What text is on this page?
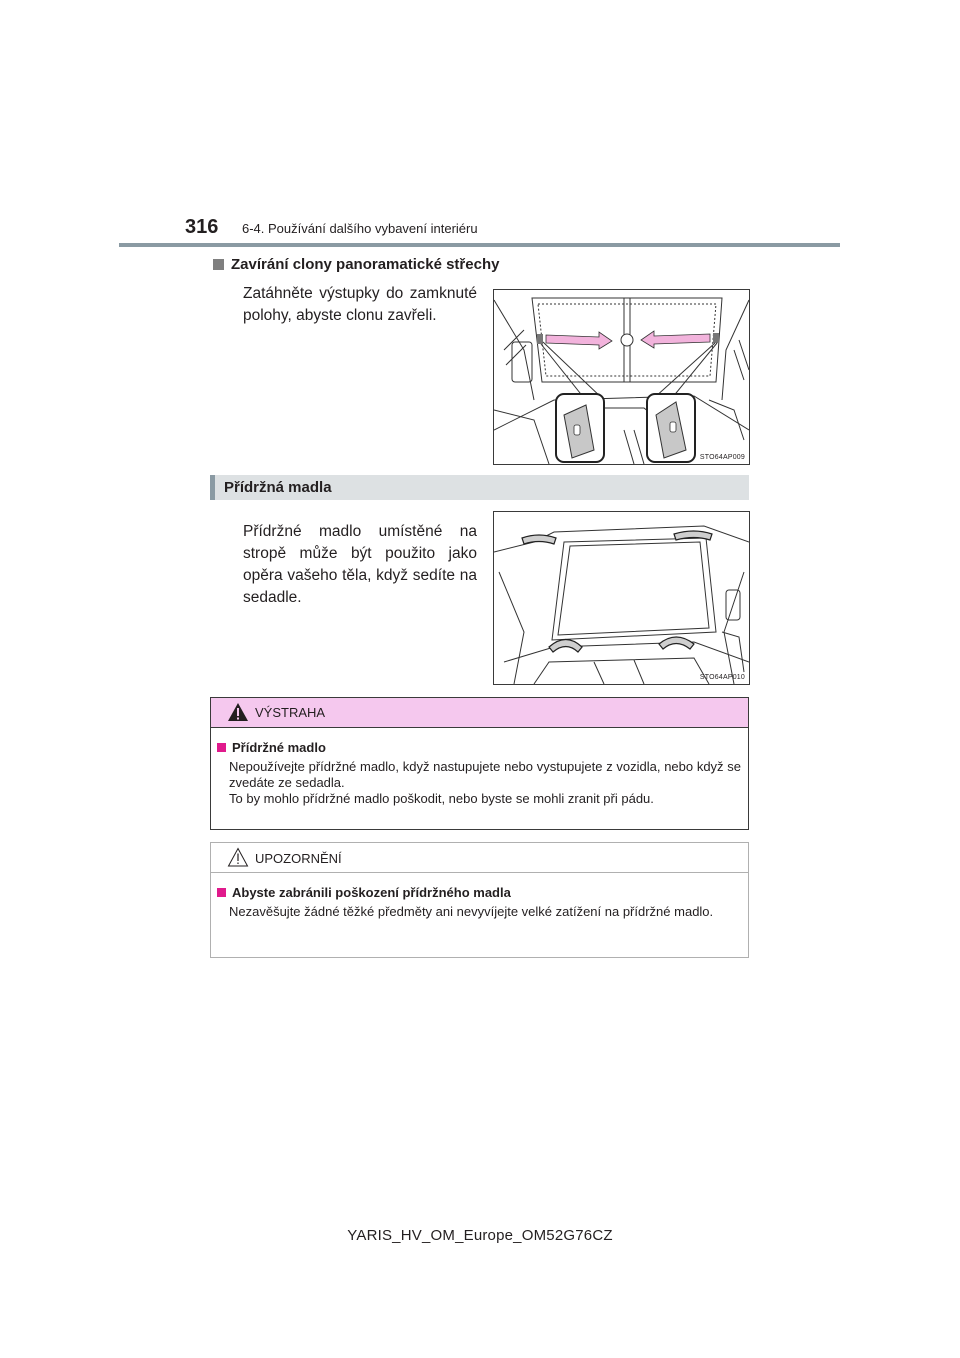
316 6-4. Používání dalšího vybavení interiéru
Zavírání clony panoramatické střechy
Zatáhněte výstupky do zamknuté polohy, abyste clonu zavřeli.
STO64AP009
Přídržná madla
Přídržné madlo umístěné na stropě může být použito jako opěra vašeho těla, když sedíte na sedadle.
STO64AP010
VÝSTRAHA
Přídržné madlo
Nepoužívejte přídržné madlo, když nastupujete nebo vystupujete z vozidla, nebo když se zvedáte ze sedadla.
To by mohlo přídržné madlo poškodit, nebo byste se mohli zranit při pádu.
UPOZORNĚNÍ
Abyste zabránili poškození přídržného madla
Nezavěšujte žádné těžké předměty ani nevyvíjejte velké zatížení na přídržné madlo.
YARIS_HV_OM_Europe_OM52G76CZ
